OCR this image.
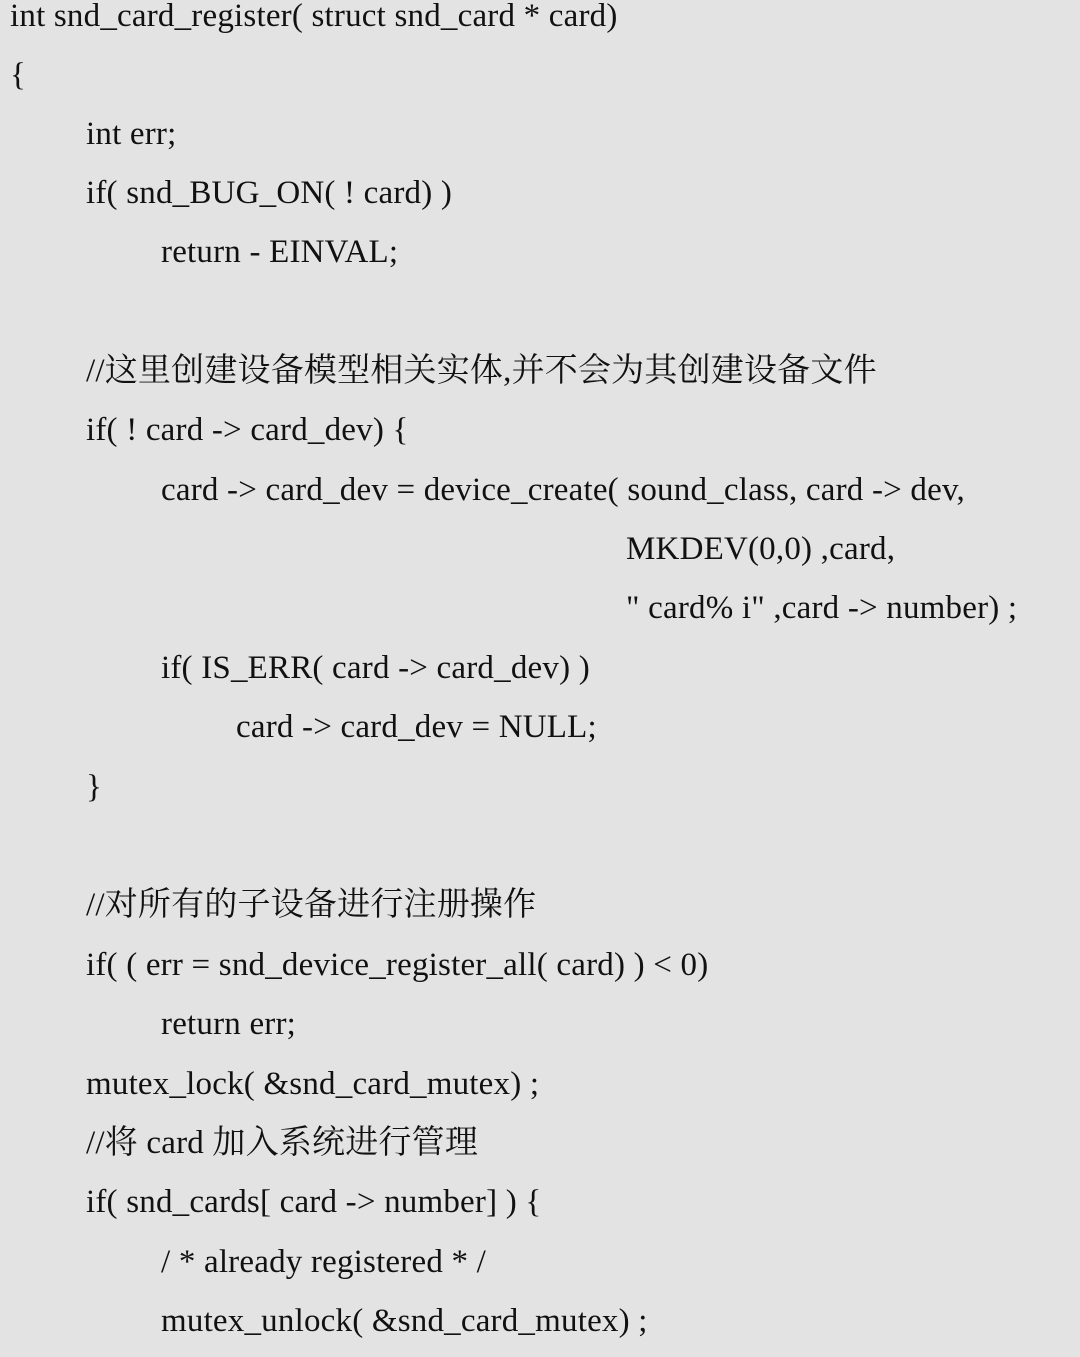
int snd_card_register( struct snd_card * card)
{
int err;
if( snd_BUG_ON( ! card) )
return - EINVAL;
//这里创建设备模型相关实体,并不会为其创建设备文件
if( ! card -> card_dev) {
card -> card_dev = device_create( sound_class, card -> dev,
MKDEV(0,0) ,card,
" card% i" ,card -> number) ;
if( IS_ERR( card -> card_dev) )
card -> card_dev = NULL;
}
//对所有的子设备进行注册操作
if( ( err = snd_device_register_all( card) ) < 0)
return err;
mutex_lock( &snd_card_mutex) ;
//将 card 加入系统进行管理
if( snd_cards[ card -> number] ) {
/ * already registered * /
mutex_unlock( &snd_card_mutex) ;
